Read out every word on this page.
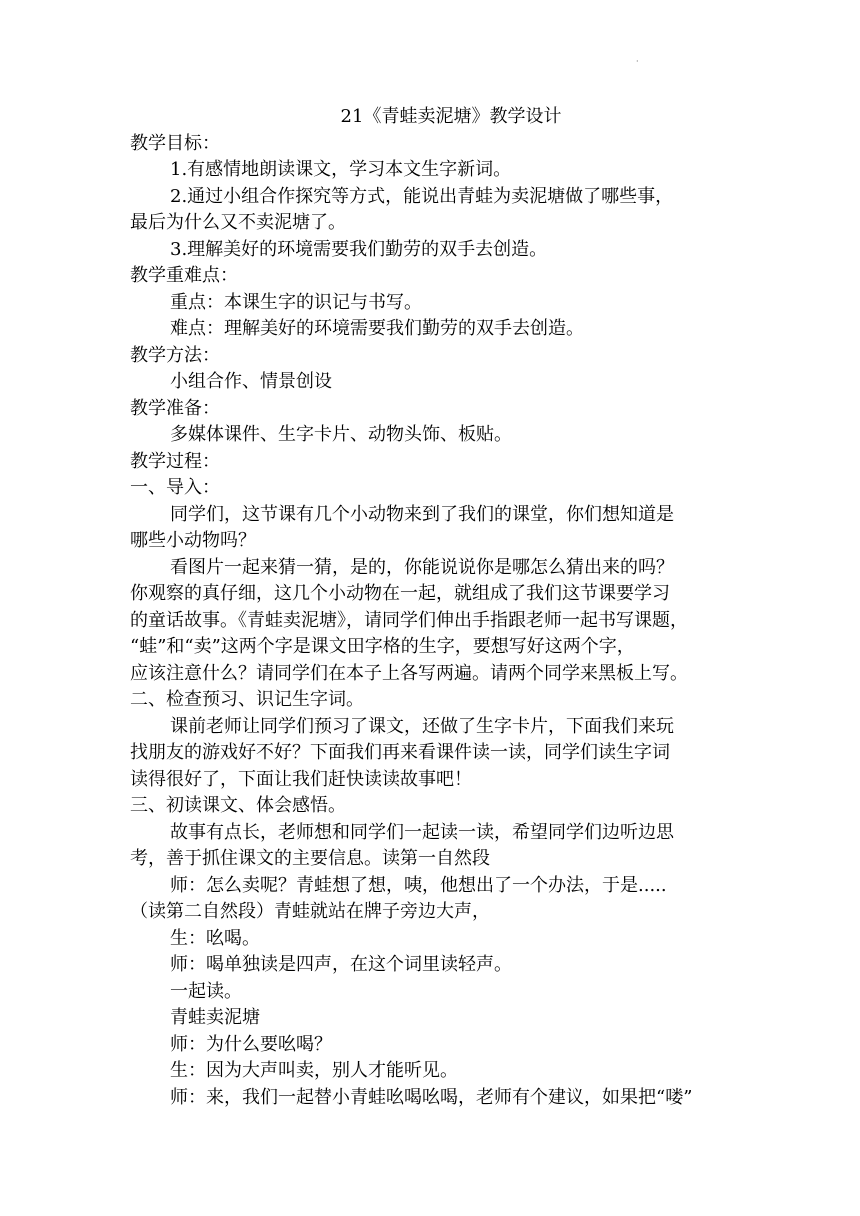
·
21《青蛙卖泥塘》教学设计
教学目标：
1.有感情地朗读课文，学习本文生字新词。
2.通过小组合作探究等方式，能说出青蛙为卖泥塘做了哪些事，
最后为什么又不卖泥塘了。
3.理解美好的环境需要我们勤劳的双手去创造。
教学重难点：
重点：本课生字的识记与书写。
难点：理解美好的环境需要我们勤劳的双手去创造。
教学方法：
小组合作、情景创设
教学准备：
多媒体课件、生字卡片、动物头饰、板贴。
教学过程：
一、导入：
同学们，这节课有几个小动物来到了我们的课堂，你们想知道是
哪些小动物吗？
看图片一起来猜一猜，是的，你能说说你是哪怎么猜出来的吗？
你观察的真仔细，这几个小动物在一起，就组成了我们这节课要学习
的童话故事。《青蛙卖泥塘》，请同学们伸出手指跟老师一起书写课题，
“蛙”和“卖”这两个字是课文田字格的生字，要想写好这两个字，
应该注意什么？请同学们在本子上各写两遍。请两个同学来黑板上写。
二、检查预习、识记生字词。
课前老师让同学们预习了课文，还做了生字卡片，下面我们来玩
找朋友的游戏好不好？下面我们再来看课件读一读，同学们读生字词
读得很好了，下面让我们赶快读读故事吧！
三、初读课文、体会感悟。
故事有点长，老师想和同学们一起读一读，希望同学们边听边思
考，善于抓住课文的主要信息。读第一自然段
师：怎么卖呢？青蛙想了想，咦，他想出了一个办法，于是.....
（读第二自然段）青蛙就站在牌子旁边大声，
生：吆喝。
师：喝单独读是四声，在这个词里读轻声。
一起读。
青蛙卖泥塘
师：为什么要吆喝？
生：因为大声叫卖，别人才能听见。
师：来，我们一起替小青蛙吆喝吆喝，老师有个建议，如果把“喽”
